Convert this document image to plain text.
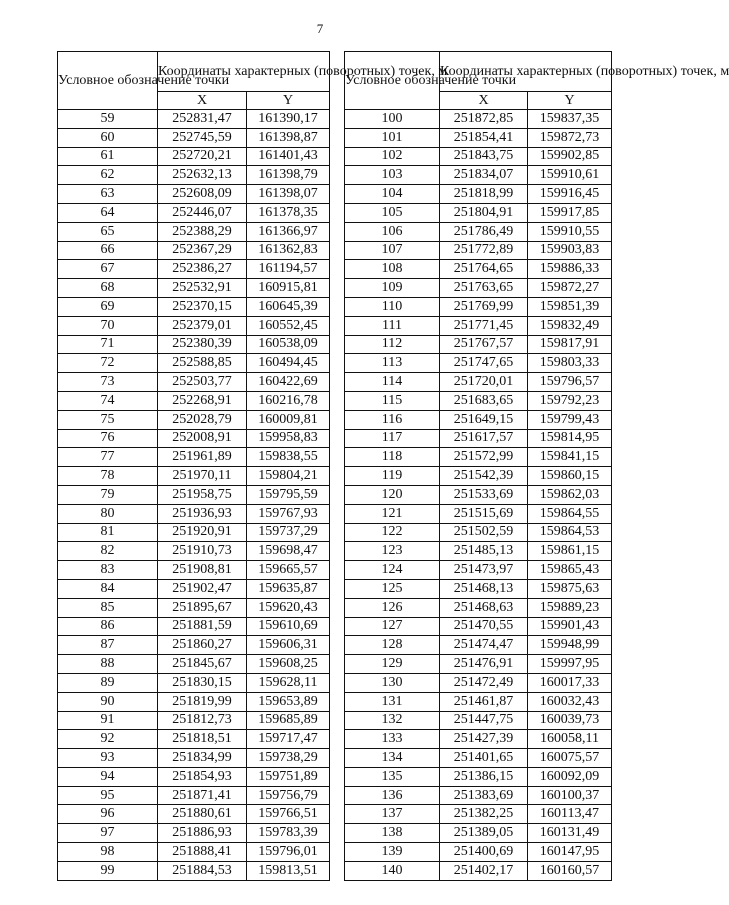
7
Условное обозначение точки	Координаты характерных (поворотных) точек, м	
	X	Y
59	252831,47	161390,17
60	252745,59	161398,87
61	252720,21	161401,43
62	252632,13	161398,79
63	252608,09	161398,07
64	252446,07	161378,35
65	252388,29	161366,97
66	252367,29	161362,83
67	252386,27	161194,57
68	252532,91	160915,81
69	252370,15	160645,39
70	252379,01	160552,45
71	252380,39	160538,09
72	252588,85	160494,45
73	252503,77	160422,69
74	252268,91	160216,78
75	252028,79	160009,81
76	252008,91	159958,83
77	251961,89	159838,55
78	251970,11	159804,21
79	251958,75	159795,59
80	251936,93	159767,93
81	251920,91	159737,29
82	251910,73	159698,47
83	251908,81	159665,57
84	251902,47	159635,87
85	251895,67	159620,43
86	251881,59	159610,69
87	251860,27	159606,31
88	251845,67	159608,25
89	251830,15	159628,11
90	251819,99	159653,89
91	251812,73	159685,89
92	251818,51	159717,47
93	251834,99	159738,29
94	251854,93	159751,89
95	251871,41	159756,79
96	251880,61	159766,51
97	251886,93	159783,39
98	251888,41	159796,01
99	251884,53	159813,51
Условное обозначение точки	Координаты характерных (поворотных) точек, м	
	X	Y
100	251872,85	159837,35
101	251854,41	159872,73
102	251843,75	159902,85
103	251834,07	159910,61
104	251818,99	159916,45
105	251804,91	159917,85
106	251786,49	159910,55
107	251772,89	159903,83
108	251764,65	159886,33
109	251763,65	159872,27
110	251769,99	159851,39
111	251771,45	159832,49
112	251767,57	159817,91
113	251747,65	159803,33
114	251720,01	159796,57
115	251683,65	159792,23
116	251649,15	159799,43
117	251617,57	159814,95
118	251572,99	159841,15
119	251542,39	159860,15
120	251533,69	159862,03
121	251515,69	159864,55
122	251502,59	159864,53
123	251485,13	159861,15
124	251473,97	159865,43
125	251468,13	159875,63
126	251468,63	159889,23
127	251470,55	159901,43
128	251474,47	159948,99
129	251476,91	159997,95
130	251472,49	160017,33
131	251461,87	160032,43
132	251447,75	160039,73
133	251427,39	160058,11
134	251401,65	160075,57
135	251386,15	160092,09
136	251383,69	160100,37
137	251382,25	160113,47
138	251389,05	160131,49
139	251400,69	160147,95
140	251402,17	160160,57
